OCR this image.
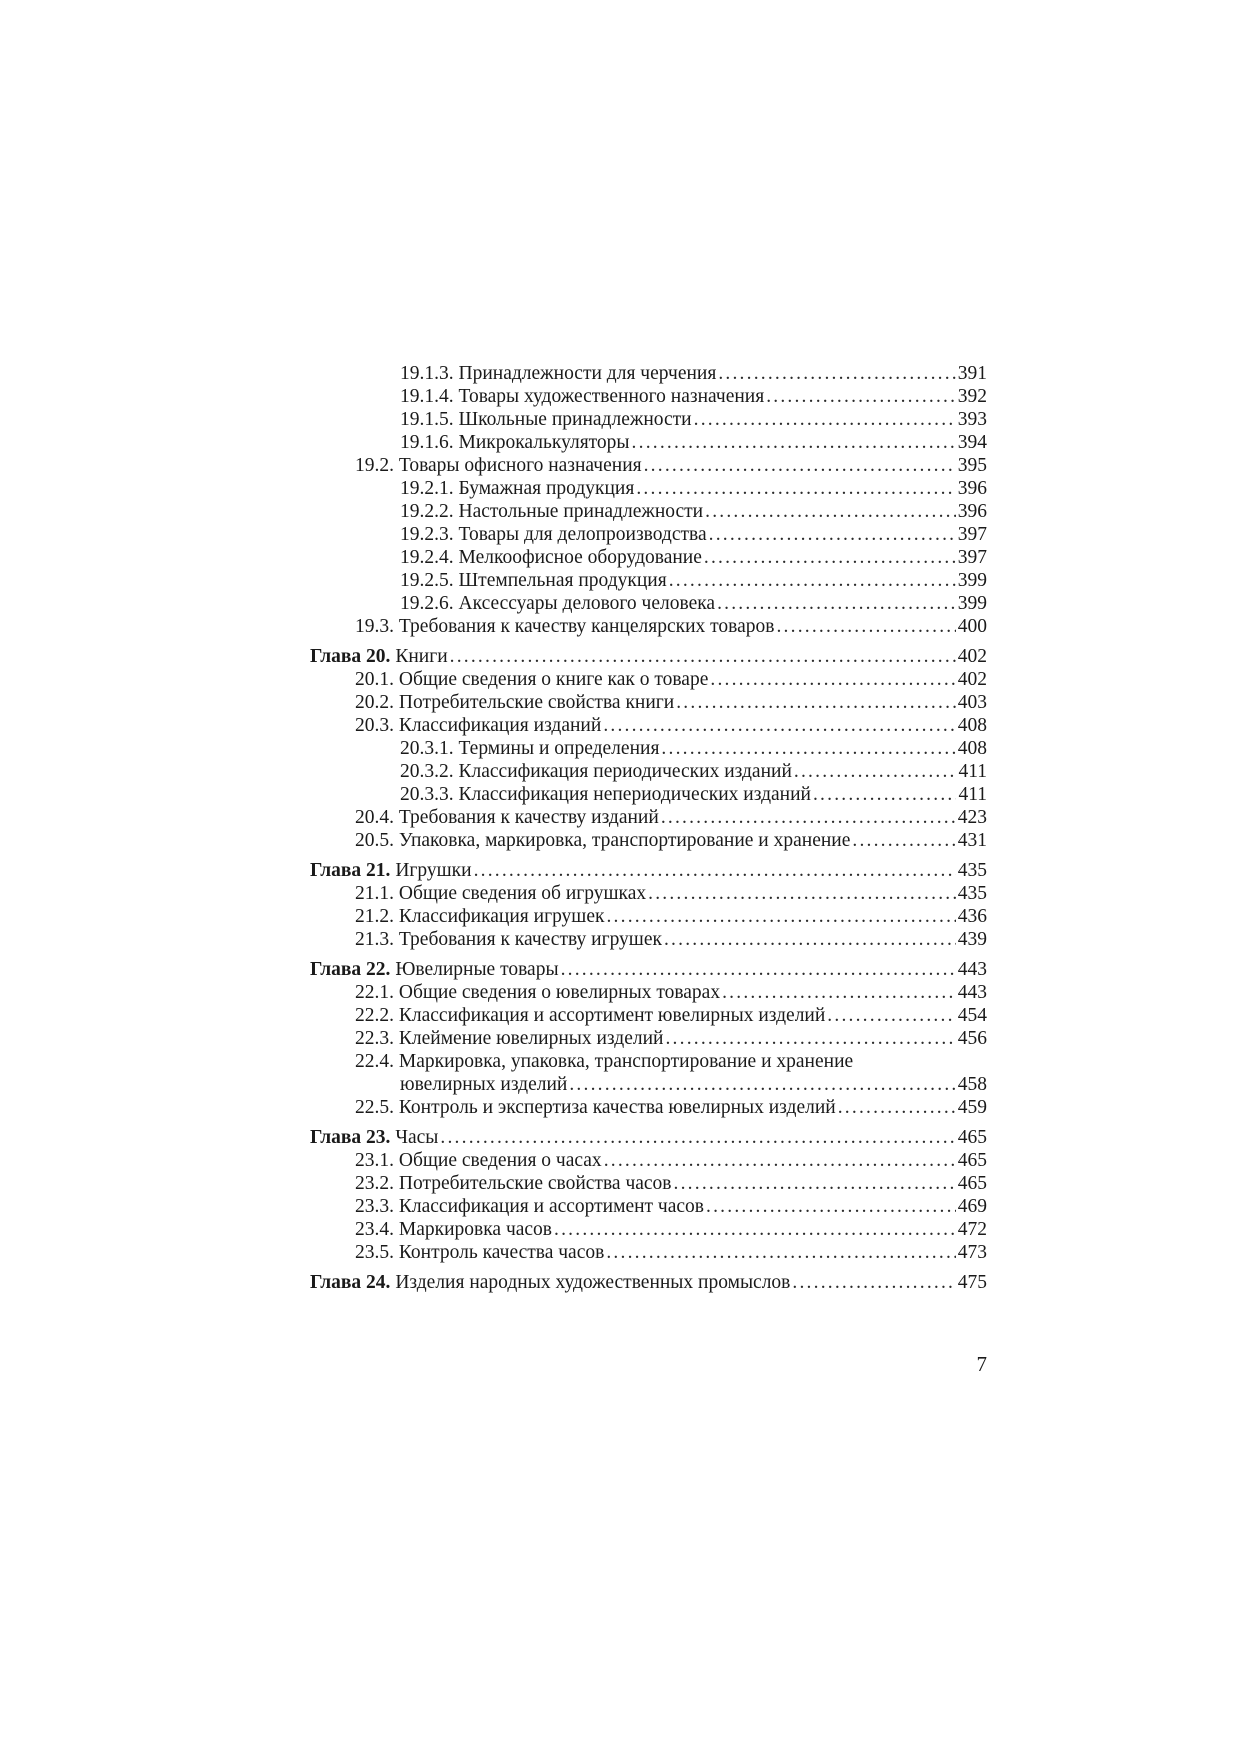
19.1.3. Принадлежности для черчения .....	391
19.1.4. Товары художественного назначения .....	392
19.1.5. Школьные принадлежности .....	393
19.1.6. Микрокалькуляторы .....	394
19.2. Товары офисного назначения .....	395
19.2.1. Бумажная продукция .....	396
19.2.2. Настольные принадлежности .....	396
19.2.3. Товары для делопроизводства .....	397
19.2.4. Мелкоофисное оборудование .....	397
19.2.5. Штемпельная продукция .....	399
19.2.6. Аксессуары делового человека .....	399
19.3. Требования к качеству канцелярских товаров .....	400
Глава 20. Книги .....	402
20.1. Общие сведения о книге как о товаре .....	402
20.2. Потребительские свойства книги .....	403
20.3. Классификация изданий .....	408
20.3.1. Термины и определения .....	408
20.3.2. Классификация периодических изданий .....	411
20.3.3. Классификация непериодических изданий .....	411
20.4. Требования к качеству изданий .....	423
20.5. Упаковка, маркировка, транспортирование и хранение .....	431
Глава 21. Игрушки .....	435
21.1. Общие сведения об игрушках .....	435
21.2. Классификация игрушек .....	436
21.3. Требования к качеству игрушек .....	439
Глава 22. Ювелирные товары .....	443
22.1. Общие сведения о ювелирных товарах .....	443
22.2. Классификация и ассортимент ювелирных изделий .....	454
22.3. Клеймение ювелирных изделий .....	456
22.4. Маркировка, упаковка, транспортирование и хранение
ювелирных изделий .....	458
22.5. Контроль и экспертиза качества ювелирных изделий .....	459
Глава 23. Часы .....	465
23.1. Общие сведения о часах .....	465
23.2. Потребительские свойства часов .....	465
23.3. Классификация и ассортимент часов .....	469
23.4. Маркировка часов .....	472
23.5. Контроль качества часов .....	473
Глава 24. Изделия народных художественных промыслов .....	475
7
